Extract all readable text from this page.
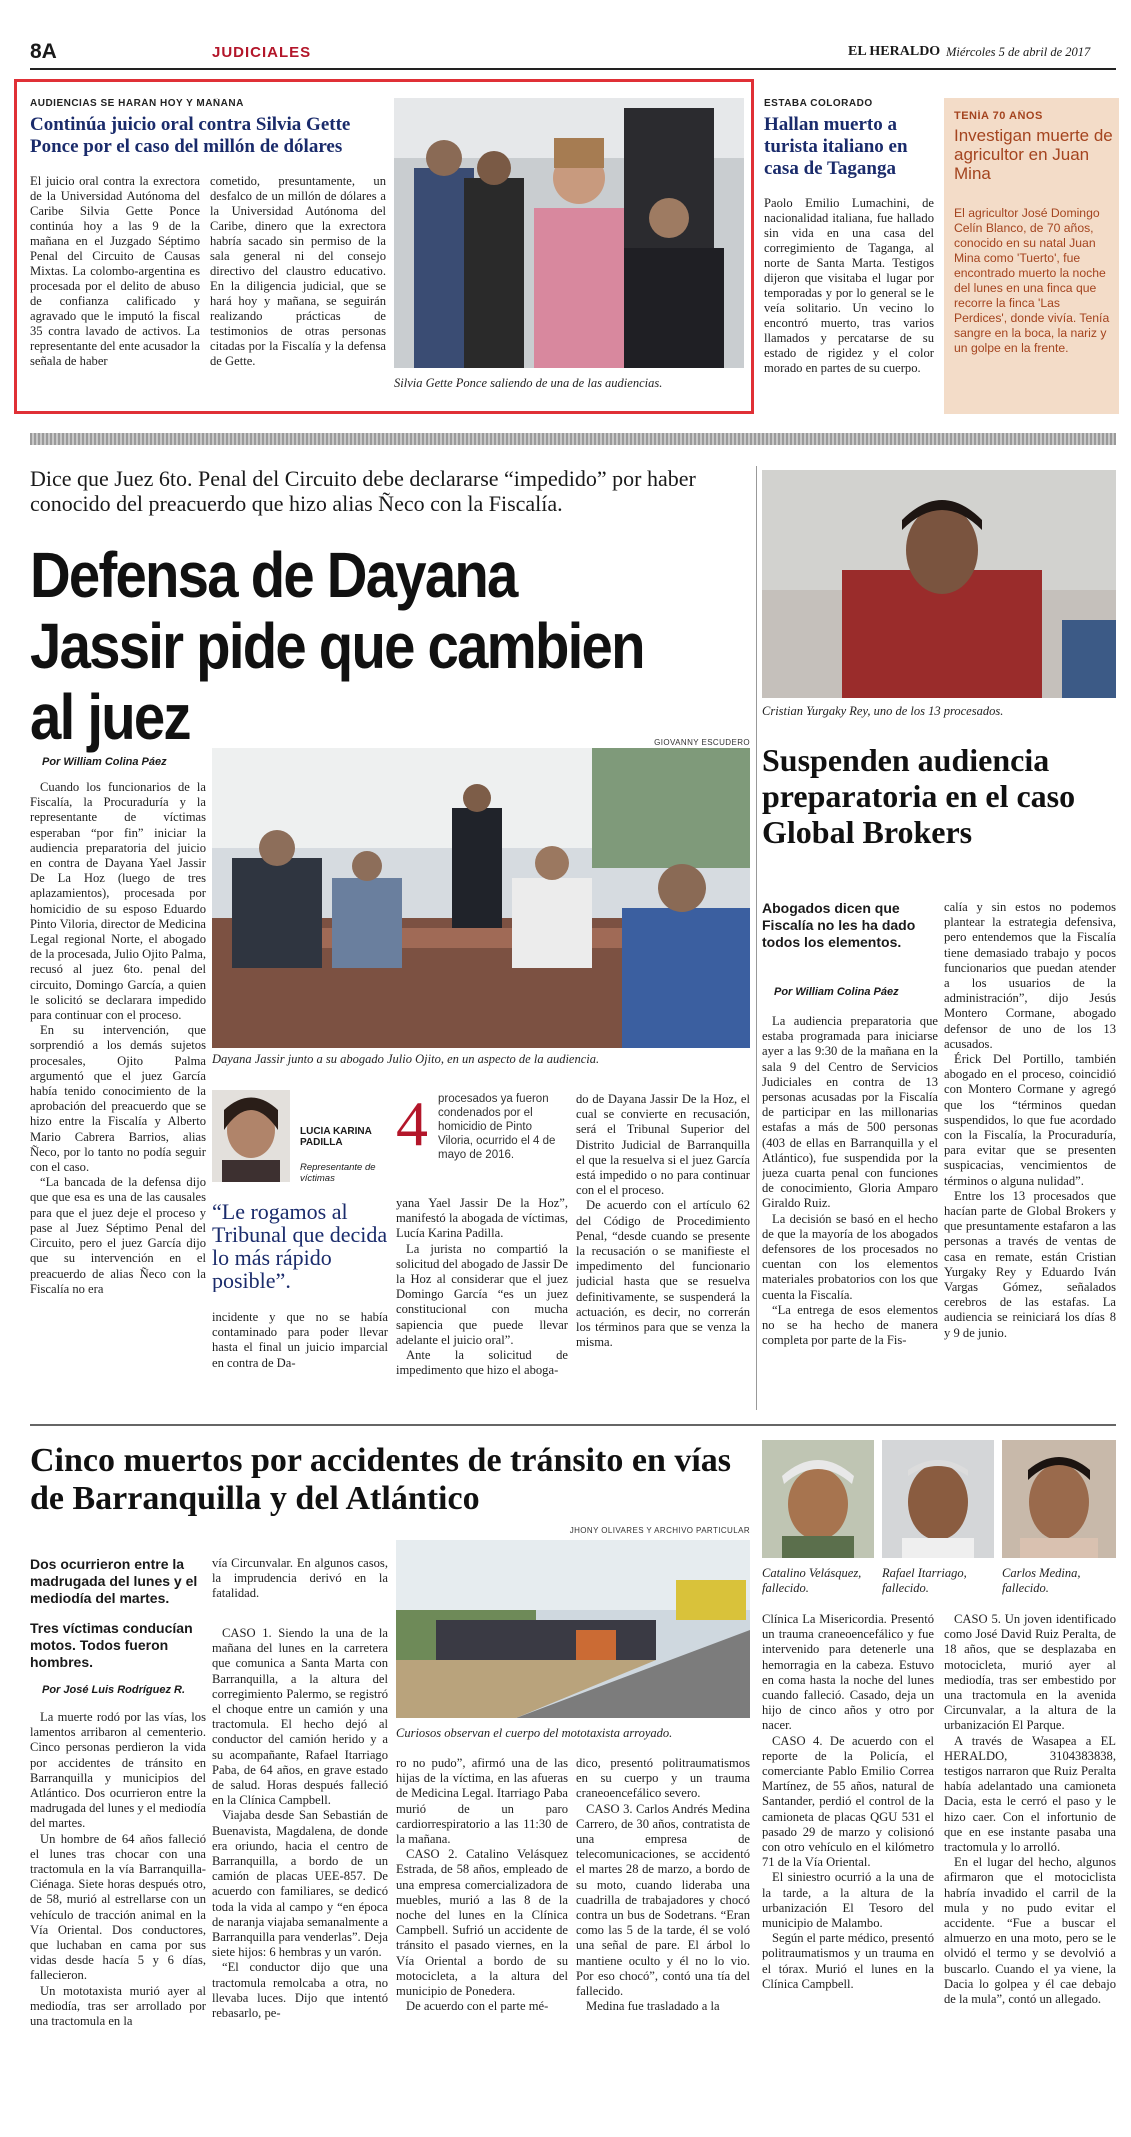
8A	JUDICIALES	EL HERALDO Miércoles 5 de abril de 2017
AUDIENCIAS SE HARÁN HOY Y MAÑANA
Continúa juicio oral contra Silvia Gette Ponce por el caso del millón de dólares
El juicio oral contra la exrectora de la Universidad Autónoma del Caribe Silvia Gette Ponce continúa hoy a las 9 de la mañana en el Juzgado Séptimo Penal del Circuito de Causas Mixtas. La colombo-argentina es procesada por el delito de abuso de confianza calificado y agravado que le imputó la fiscal 35 contra lavado de activos. La representante del ente acusador la señala de haber
cometido, presuntamente, un desfalco de un millón de dólares a la Universidad Autónoma del Caribe, dinero que la exrectora habría sacado sin permiso de la sala general ni del consejo directivo del claustro educativo. En la diligencia judicial, que se hará hoy y mañana, se seguirán realizando prácticas de testimonios de otras personas citadas por la Fiscalía y la defensa de Gette.
Silvia Gette Ponce saliendo de una de las audiencias.
ESTABA COLORADO
Hallan muerto a turista italiano en casa de Taganga
Paolo Emilio Lumachini, de nacionalidad italiana, fue hallado sin vida en una casa del corregimiento de Taganga, al norte de Santa Marta. Testigos dijeron que visitaba el lugar por temporadas y por lo general se le veía solitario. Un vecino lo encontró muerto, tras varios llamados y percatarse de su estado de rigidez y el color morado en partes de su cuerpo.
TENÍA 70 AÑOS
Investigan muerte de agricultor en Juan Mina
El agricultor José Domingo Celín Blanco, de 70 años, conocido en su natal Juan Mina como 'Tuerto', fue encontrado muerto la noche del lunes en una finca que recorre la finca 'Las Perdices', donde vivía. Tenía sangre en la boca, la nariz y un golpe en la frente.
Dice que Juez 6to. Penal del Circuito debe declararse “impedido” por haber conocido del preacuerdo que hizo alias Ñeco con la Fiscalía.
Defensa de Dayana Jassir pide que cambien al juez	GIOVANNY ESCUDERO
Por William Colina Páez

Cuando los funcionarios de la Fiscalía, la Procuraduría y la representante de víctimas esperaban “por fin” iniciar la audiencia preparatoria del juicio en contra de Dayana Yael Jassir De La Hoz (luego de tres aplazamientos), procesada por homicidio de su esposo Eduardo Pinto Viloria, director de Medicina Legal regional Norte, el abogado de la procesada, Julio Ojito Palma, recusó al juez 6to. penal del circuito, Domingo García, a quien le solicitó se declarara impedido para continuar con el proceso.

En su intervención, que sorprendió a los demás sujetos procesales, Ojito Palma argumentó que el juez García había tenido conocimiento de la aprobación del preacuerdo que se hizo entre la Fiscalía y Alberto Mario Cabrera Barrios, alias Ñeco, por lo tanto no podía seguir con el caso.

“La bancada de la defensa dijo que que esa es una de las causales para que el juez deje el proceso y pase al Juez Séptimo Penal del Circuito, pero el juez García dijo que su intervención en el preacuerdo de alias Ñeco con la Fiscalía no era

Dayana Jassir junto a su abogado Julio Ojito, en un aspecto de la audiencia.
LUCÍA KARINA PADILLA
Representante de víctimas
“Le rogamos al Tribunal que decida lo más rápido posible”.
incidente y que no se había contaminado para poder llevar hasta el final un juicio imparcial en contra de Da-
4 procesados ya fueron condenados por el homicidio de Pinto Viloria, ocurrido el 4 de mayo de 2016.

yana Yael Jassir De la Hoz”, manifestó la abogada de víctimas, Lucía Karina Padilla.

La jurista no compartió la solicitud del abogado de Jassir De la Hoz al considerar que el juez Domingo García “es un juez constitucional con mucha sapiencia que puede llevar adelante el juicio oral”.

Ante la solicitud de impedimento que hizo el aboga-

do de Dayana Jassir De la Hoz, el cual se convierte en recusación, será el Tribunal Superior del Distrito Judicial de Barranquilla el que la resuelva si el juez García está impedido o no para continuar con el el proceso.

De acuerdo con el artículo 62 del Código de Procedimiento Penal, “desde cuando se presente la recusación o se manifieste el impedimento del funcionario judicial hasta que se resuelva definitivamente, se suspenderá la actuación, es decir, no correrán los términos para que se venza la misma.

Cristian Yurgaky Rey, uno de los 13 procesados.
Suspenden audiencia preparatoria en el caso Global Brokers
Abogados dicen que Fiscalía no les ha dado todos los elementos.
Por William Colina Páez

La audiencia preparatoria que estaba programada para iniciarse ayer a las 9:30 de la mañana en la sala 9 del Centro de Servicios Judiciales en contra de 13 personas acusadas por la Fiscalía de participar en las millonarias estafas a más de 500 personas (403 de ellas en Barranquilla y el Atlántico), fue suspendida por la jueza cuarta penal con funciones de conocimiento, Gloria Amparo Giraldo Ruiz.

La decisión se basó en el hecho de que la mayoría de los abogados defensores de los procesados no cuentan con los elementos materiales probatorios con los que cuenta la Fiscalía.

“La entrega de esos elementos no se ha hecho de manera completa por parte de la Fis-

calía y sin estos no podemos plantear la estrategia defensiva, pero entendemos que la Fiscalía tiene demasiado trabajo y pocos funcionarios que puedan atender a los usuarios de la administración”, dijo Jesús Montero Cormane, abogado defensor de uno de los 13 acusados.

Érick Del Portillo, también abogado en el proceso, coincidió con Montero Cormane y agregó que los “términos quedan suspendidos, lo que fue acordado con la Fiscalía, la Procuraduría, para evitar que se presenten suspicacias, vencimientos de términos o alguna nulidad”.

Entre los 13 procesados que hacían parte de Global Brokers y que presuntamente estafaron a las personas a través de ventas de casa en remate, están Cristian Yurgaky Rey y Eduardo Iván Vargas Gómez, señalados cerebros de las estafas. La audiencia se reiniciará los días 8 y 9 de junio.

Cinco muertos por accidentes de tránsito en vías de Barranquilla y del Atlántico
JHONY OLIVARES Y ARCHIVO PARTICULAR
Catalino Velásquez, fallecido.
Rafael Itarriago, fallecido.
Carlos Medina, fallecido.
Dos ocurrieron entre la madrugada del lunes y el mediodía del martes.
Tres víctimas conducían motos. Todos fueron hombres.
Por José Luis Rodríguez R.

La muerte rodó por las vías, los lamentos arribaron al cementerio. Cinco personas perdieron la vida por accidentes de tránsito en Barranquilla y municipios del Atlántico. Dos ocurrieron entre la madrugada del lunes y el mediodía del martes.

Un hombre de 64 años falleció el lunes tras chocar con una tractomula en la vía Barranquilla-Ciénaga. Siete horas después otro, de 58, murió al estrellarse con un vehículo de tracción animal en la Vía Oriental. Dos conductores, que luchaban en cama por sus vidas desde hacía 5 y 6 días, fallecieron.

Un mototaxista murió ayer al mediodía, tras ser arrollado por una tractomula en la

vía Circunvalar. En algunos casos, la imprudencia derivó en la fatalidad.
Curiosos observan el cuerpo del mototaxista arroyado.

CASO 1. Siendo la una de la mañana del lunes en la carretera que comunica a Santa Marta con Barranquilla, a la altura del corregimiento Palermo, se registró el choque entre un camión y una tractomula. El hecho dejó al conductor del camión herido y a su acompañante, Rafael Itarriago Paba, de 64 años, en grave estado de salud. Horas después falleció en la Clínica Campbell.

Viajaba desde San Sebastián de Buenavista, Magdalena, de donde era oriundo, hacia el centro de Barranquilla, a bordo de un camión de placas UEE-857. De acuerdo con familiares, se dedicó toda la vida al campo y “en época de naranja viajaba semanalmente a Barranquilla para venderlas”. Deja siete hijos: 6 hembras y un varón.

“El conductor dijo que una tractomula remolcaba a otra, no llevaba luces. Dijo que intentó rebasarlo, pe-

ro no pudo”, afirmó una de las hijas de la víctima, en las afueras de Medicina Legal. Itarriago Paba murió de un paro cardiorrespiratorio a las 11:30 de la mañana.

CASO 2. Catalino Velásquez Estrada, de 58 años, empleado de una empresa comercializadora de muebles, murió a las 8 de la noche del lunes en la Clínica Campbell. Sufrió un accidente de tránsito el pasado viernes, en la Vía Oriental a bordo de su motocicleta, a la altura del municipio de Ponedera.

De acuerdo con el parte mé-

dico, presentó politraumatismos en su cuerpo y un trauma craneoencefálico severo.

CASO 3. Carlos Andrés Medina Carrero, de 30 años, contratista de una empresa de telecomunicaciones, se accidentó el martes 28 de marzo, a bordo de su moto, cuando lideraba una cuadrilla de trabajadores y chocó contra un bus de Sodetrans. “Eran como las 5 de la tarde, él se voló una señal de pare. El árbol lo mantiene oculto y él no lo vio. Por eso chocó”, contó una tía del fallecido.

Medina fue trasladado a la

Clínica La Misericordia. Presentó un trauma craneoencefálico y fue intervenido para detenerle una hemorragia en la cabeza. Estuvo en coma hasta la noche del lunes cuando falleció. Casado, deja un hijo de cinco años y otro por nacer.

CASO 4. De acuerdo con el reporte de la Policía, el comerciante Pablo Emilio Correa Martínez, de 55 años, natural de Santander, perdió el control de la camioneta de placas QGU 531 el pasado 29 de marzo y colisionó con otro vehículo en el kilómetro 71 de la Vía Oriental.

El siniestro ocurrió a la una de la tarde, a la altura de la urbanización El Tesoro del municipio de Malambo.

Según el parte médico, presentó politraumatismos y un trauma en el tórax. Murió el lunes en la Clínica Campbell.

CASO 5. Un joven identificado como José David Ruiz Peralta, de 18 años, que se desplazaba en motocicleta, murió ayer al mediodía, tras ser embestido por una tractomula en la avenida Circunvalar, a la altura de la urbanización El Parque.

A través de Wasapea a EL HERALDO, 3104383838, testigos narraron que Ruiz Peralta había adelantado una camioneta Dacia, esta le cerró el paso y le hizo caer. Con el infortunio de que en ese instante pasaba una tractomula y lo arrolló.

En el lugar del hecho, algunos afirmaron que el motociclista habría invadido el carril de la mula y no pudo evitar el accidente. “Fue a buscar el almuerzo en una moto, pero se le olvidó el termo y se devolvió a buscarlo. Cuando el ya viene, la Dacia lo golpea y él cae debajo de la mula”, contó un allegado.
